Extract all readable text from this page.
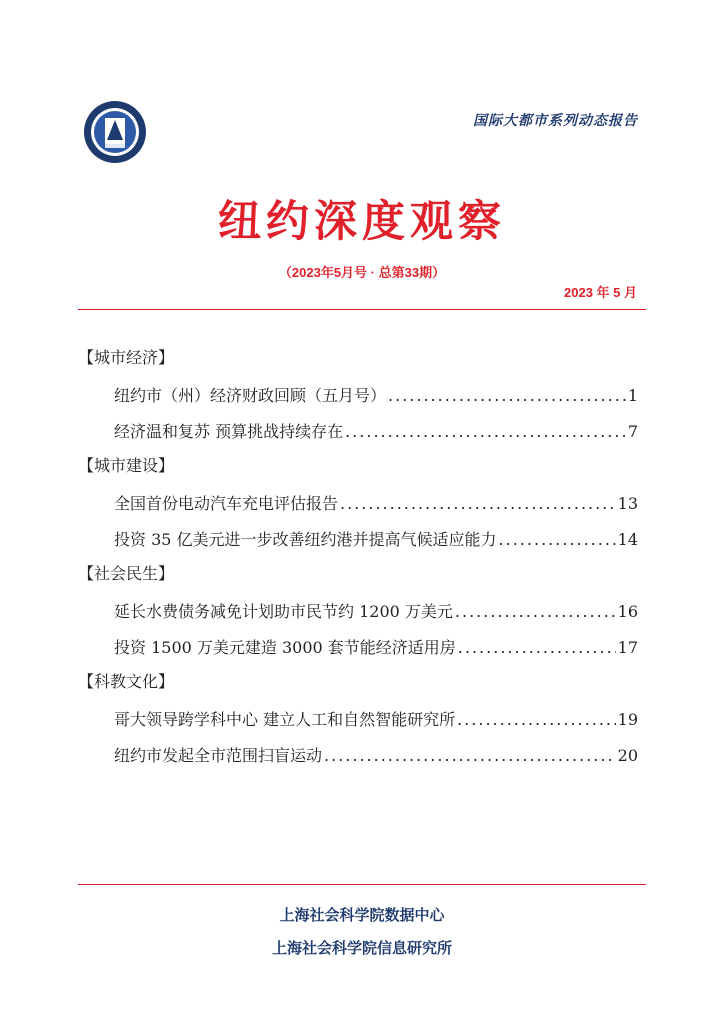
国际大都市系列动态报告
纽约深度观察
（2023年5月号 · 总第33期）
2023 年 5 月
【城市经济】
纽约市（州）经济财政回顾（五月号） .....	1
经济温和复苏 预算挑战持续存在 .....	7
【城市建设】
全国首份电动汽车充电评估报告 .....	13
投资 35 亿美元进一步改善纽约港并提高气候适应能力 .....	14
【社会民生】
延长水费债务减免计划助市民节约 1200 万美元 .....	16
投资 1500 万美元建造 3000 套节能经济适用房 .....	17
【科教文化】
哥大领导跨学科中心 建立人工和自然智能研究所 .....	19
纽约市发起全市范围扫盲运动 .....	20
上海社会科学院数据中心
上海社会科学院信息研究所
